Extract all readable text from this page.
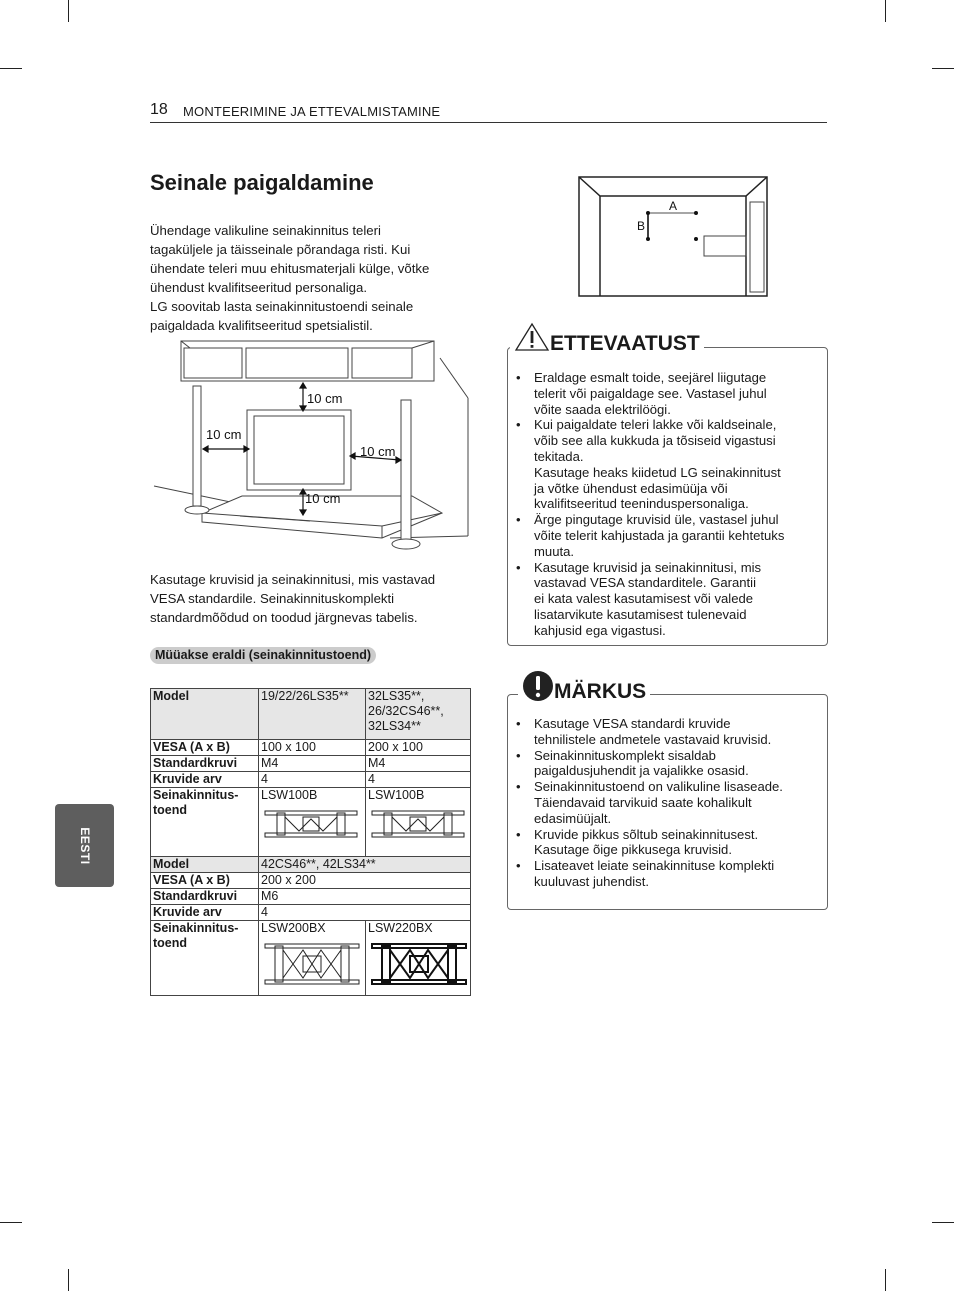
18 MONTEERIMINE JA ETTEVALMISTAMINE
EESTI
Seinale paigaldamine
Ühendage valikuline seinakinnitus teleri
tagaküljele ja täisseinale põrandaga risti. Kui
ühendate teleri muu ehitusmaterjali külge, võtke
ühendust kvalifitseeritud personaliga.
LG soovitab lasta seinakinnitustoendi seinale
paigaldada kvalifitseeritud spetsialistil.
10 cm
10 cm
10 cm
10 cm
Kasutage kruvisid ja seinakinnitusi, mis vastavad
VESA standardile. Seinakinnituskomplekti
standardmõõdud on toodud järgnevas tabelis.
Müüakse eraldi (seinakinnitustoend)
Model	19/22/26LS35**	32LS35**, 26/32CS46**, 32LS34**
VESA (A x B)	100 x 100	200 x 100
Standardkruvi	M4	M4
Kruvide arv	4	4

Seinakinnitus-
toend	LSW100B	LSW100B

Model	42CS46**, 42LS34**	
VESA (A x B)	200 x 200	
Standardkruvi	M6	
Kruvide arv	4	

Seinakinnitus-
toend	LSW200BX	LSW220BX
A
B
ETTEVAATUST
• Eraldage esmalt toide, seejärel liigutage
telerit või paigaldage see. Vastasel juhul
võite saada elektrilöögi.
• Kui paigaldate teleri lakke või kaldseinale,
võib see alla kukkuda ja tõsiseid vigastusi
tekitada.
Kasutage heaks kiidetud LG seinakinnitust
ja võtke ühendust edasimüüja või
kvalifitseeritud teeninduspersonaliga.
• Ärge pingutage kruvisid üle, vastasel juhul
võite telerit kahjustada ja garantii kehtetuks
muuta.
• Kasutage kruvisid ja seinakinnitusi, mis
vastavad VESA standarditele. Garantii
ei kata valest kasutamisest või valede
lisatarvikute kasutamisest tulenevaid
kahjusid ega vigastusi.
MÄRKUS
• Kasutage VESA standardi kruvide
tehnilistele andmetele vastavaid kruvisid.
• Seinakinnituskomplekt sisaldab
paigaldusjuhendit ja vajalikke osasid.
• Seinakinnitustoend on valikuline lisaseade.
Täiendavaid tarvikuid saate kohalikult
edasimüüjalt.
• Kruvide pikkus sõltub seinakinnitusest.
Kasutage õige pikkusega kruvisid.
• Lisateavet leiate seinakinnituse komplekti
kuuluvast juhendist.
